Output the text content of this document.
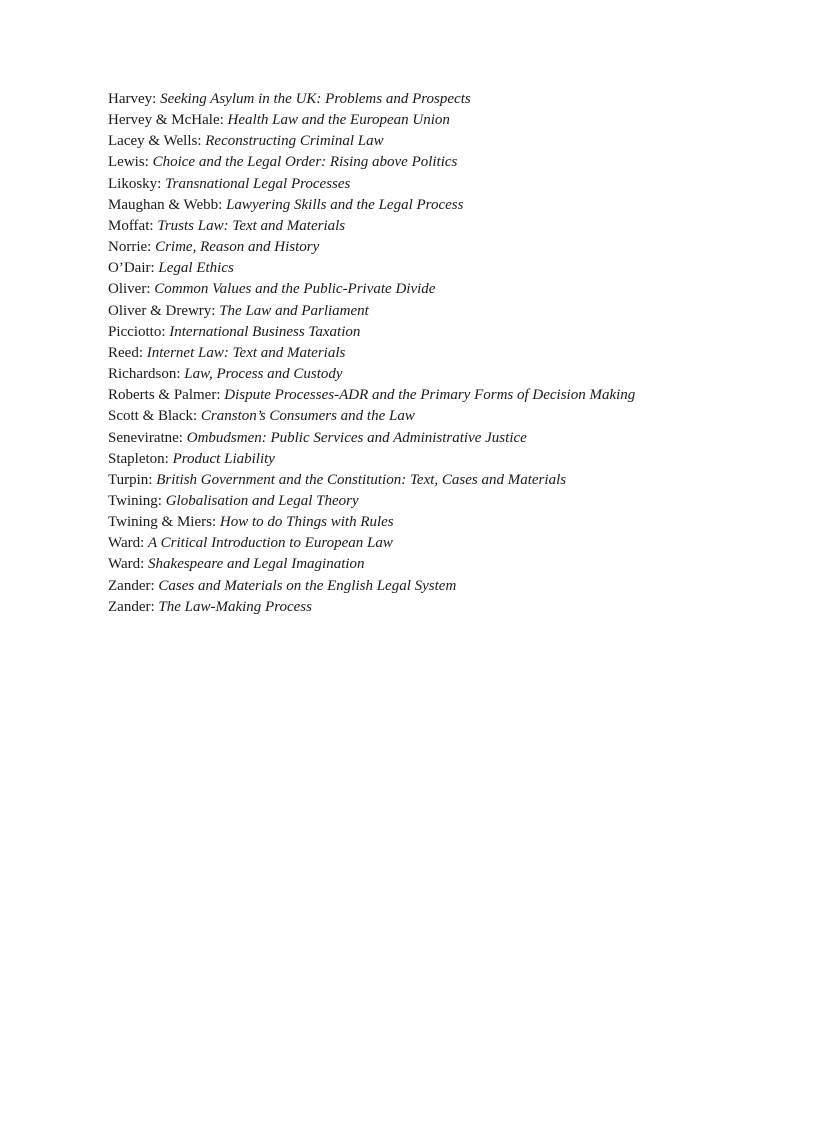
Harvey: Seeking Asylum in the UK: Problems and Prospects
Hervey & McHale: Health Law and the European Union
Lacey & Wells: Reconstructing Criminal Law
Lewis: Choice and the Legal Order: Rising above Politics
Likosky: Transnational Legal Processes
Maughan & Webb: Lawyering Skills and the Legal Process
Moffat: Trusts Law: Text and Materials
Norrie: Crime, Reason and History
O’Dair: Legal Ethics
Oliver: Common Values and the Public-Private Divide
Oliver & Drewry: The Law and Parliament
Picciotto: International Business Taxation
Reed: Internet Law: Text and Materials
Richardson: Law, Process and Custody
Roberts & Palmer: Dispute Processes-ADR and the Primary Forms of Decision Making
Scott & Black: Cranston’s Consumers and the Law
Seneviratne: Ombudsmen: Public Services and Administrative Justice
Stapleton: Product Liability
Turpin: British Government and the Constitution: Text, Cases and Materials
Twining: Globalisation and Legal Theory
Twining & Miers: How to do Things with Rules
Ward: A Critical Introduction to European Law
Ward: Shakespeare and Legal Imagination
Zander: Cases and Materials on the English Legal System
Zander: The Law-Making Process
